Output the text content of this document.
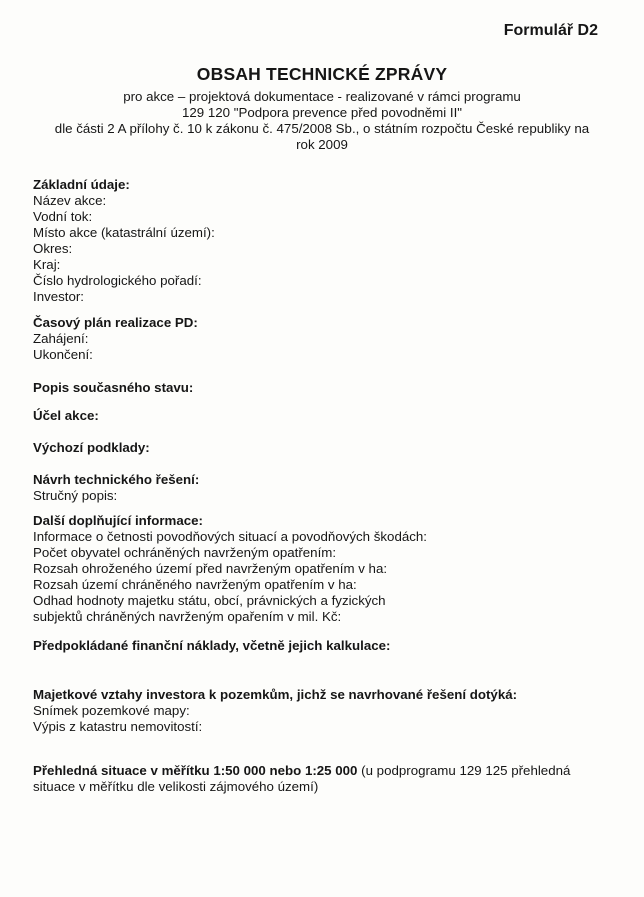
Formulář D2
OBSAH TECHNICKÉ ZPRÁVY
pro akce – projektová dokumentace - realizované v rámci programu
129 120 "Podpora prevence před povodněmi II"
dle části 2 A přílohy č. 10 k zákonu č. 475/2008 Sb., o státním rozpočtu České republiky na
rok 2009
Základní údaje:
Název akce:
Vodní tok:
Místo akce (katastrální území):
Okres:
Kraj:
Číslo hydrologického pořadí:
Investor:
Časový plán realizace PD:
Zahájení:
Ukončení:
Popis současného stavu:
Účel akce:
Výchozí podklady:
Návrh technického řešení:
Stručný popis:
Další doplňující informace:
Informace o četnosti povodňových situací a povodňových škodách:
Počet obyvatel ochráněných navrženým opatřením:
Rozsah ohroženého území před navrženým opatřením v ha:
Rozsah území chráněného navrženým opatřením v ha:
Odhad hodnoty majetku státu, obcí, právnických a fyzických
subjektů chráněných navrženým opařením v mil. Kč:
Předpokládané finanční náklady, včetně jejich kalkulace:
Majetkové vztahy investora k pozemkům, jichž se navrhované řešení dotýká:
Snímek pozemkové mapy:
Výpis z katastru nemovitostí:

Přehledná situace v měřítku 1:50 000 nebo 1:25 000 (u podprogramu 129 125 přehledná situace v měřítku dle velikosti zájmového území)
